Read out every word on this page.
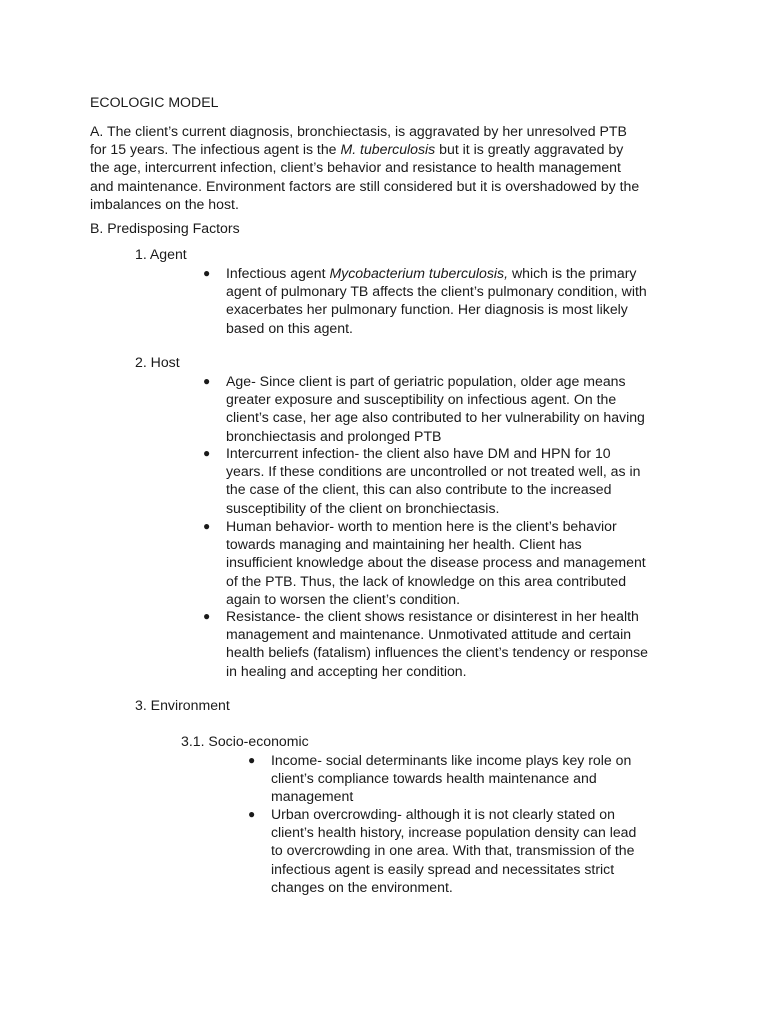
ECOLOGIC MODEL
A. The client’s current diagnosis, bronchiectasis, is aggravated by her unresolved PTB
for 15 years. The infectious agent is the M. tuberculosis but it is greatly aggravated by
the age, intercurrent infection, client’s behavior and resistance to health management
and maintenance. Environment factors are still considered but it is overshadowed by the
imbalances on the host.
B. Predisposing Factors
1. Agent
● Infectious agent Mycobacterium tuberculosis, which is the primary
agent of pulmonary TB affects the client’s pulmonary condition, with
exacerbates her pulmonary function. Her diagnosis is most likely
based on this agent.
2. Host
● Age- Since client is part of geriatric population, older age means
greater exposure and susceptibility on infectious agent. On the
client’s case, her age also contributed to her vulnerability on having
bronchiectasis and prolonged PTB
● Intercurrent infection- the client also have DM and HPN for 10
years. If these conditions are uncontrolled or not treated well, as in
the case of the client, this can also contribute to the increased
susceptibility of the client on bronchiectasis.
● Human behavior- worth to mention here is the client’s behavior
towards managing and maintaining her health. Client has
insufficient knowledge about the disease process and management
of the PTB. Thus, the lack of knowledge on this area contributed
again to worsen the client’s condition.
● Resistance- the client shows resistance or disinterest in her health
management and maintenance. Unmotivated attitude and certain
health beliefs (fatalism) influences the client’s tendency or response
in healing and accepting her condition.
3. Environment
3.1. Socio-economic
● Income- social determinants like income plays key role on
client’s compliance towards health maintenance and
management
● Urban overcrowding- although it is not clearly stated on
client’s health history, increase population density can lead
to overcrowding in one area. With that, transmission of the
infectious agent is easily spread and necessitates strict
changes on the environment.
